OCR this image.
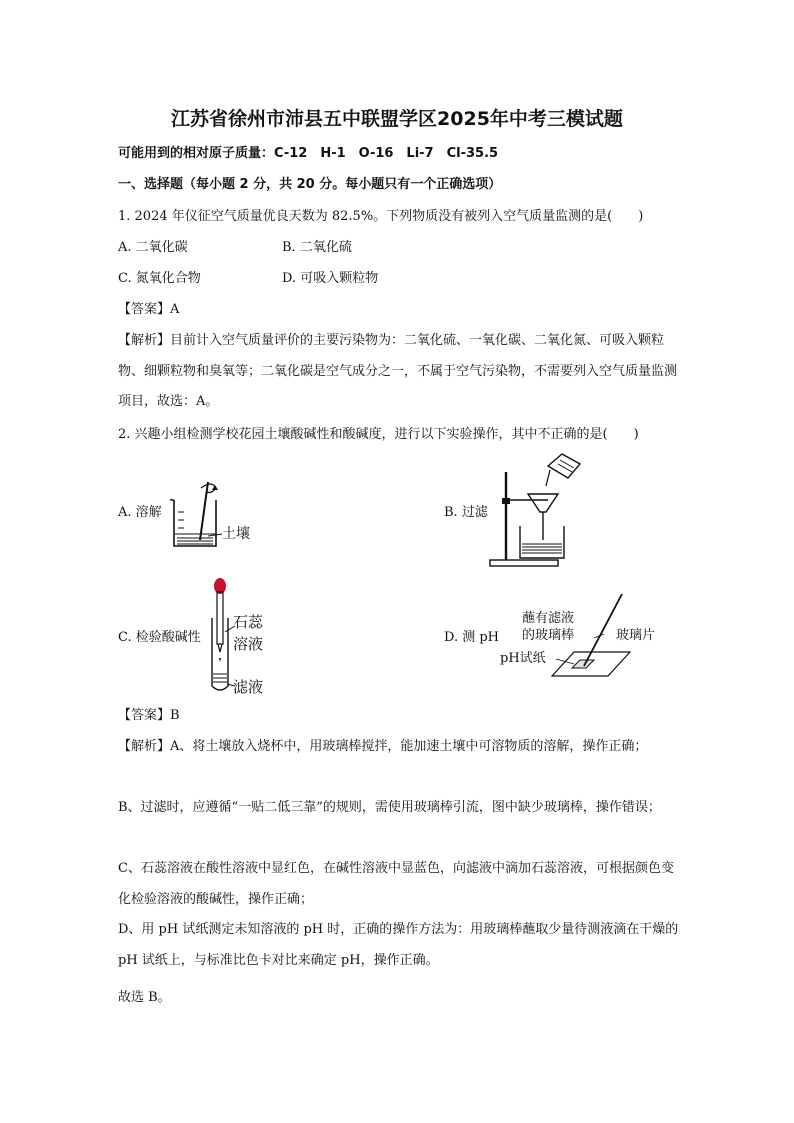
江苏省徐州市沛县五中联盟学区2025年中考三模试题
可能用到的相对原子质量：C-12　H-1　O-16　Li-7　Cl-35.5
一、选择题（每小题 2 分，共 20 分。每小题只有一个正确选项）
1. 2024 年仪征空气质量优良天数为 82.5%。下列物质没有被列入空气质量监测的是(　　)
A. 二氧化碳	B. 二氧化硫
C. 氮氧化合物	D. 可吸入颗粒物
【答案】A
【解析】目前计入空气质量评价的主要污染物为：二氧化硫、一氧化碳、二氧化氮、可吸入颗粒物、细颗粒物和臭氧等；二氧化碳是空气成分之一，不属于空气污染物，不需要列入空气质量监测项目，故选：A。
2. 兴趣小组检测学校花园土壤酸碱性和酸碱度，进行以下实验操作，其中不正确的是(　　)
A. 溶解
土壤
B. 过滤
C. 检验酸碱性
石蕊
溶液
滤液
D. 测 pH
蘸有滤液
的玻璃棒	玻璃片
pH试纸
【答案】B
【解析】A、将土壤放入烧杯中，用玻璃棒搅拌，能加速土壤中可溶物质的溶解，操作正确；
B、过滤时，应遵循“一贴二低三靠”的规则，需使用玻璃棒引流，图中缺少玻璃棒，操作错误；
C、石蕊溶液在酸性溶液中显红色，在碱性溶液中显蓝色，向滤液中滴加石蕊溶液，可根据颜色变化检验溶液的酸碱性，操作正确；
D、用 pH 试纸测定未知溶液的 pH 时，正确的操作方法为：用玻璃棒蘸取少量待测液滴在干燥的 pH 试纸上，与标准比色卡对比来确定 pH，操作正确。
故选 B。
